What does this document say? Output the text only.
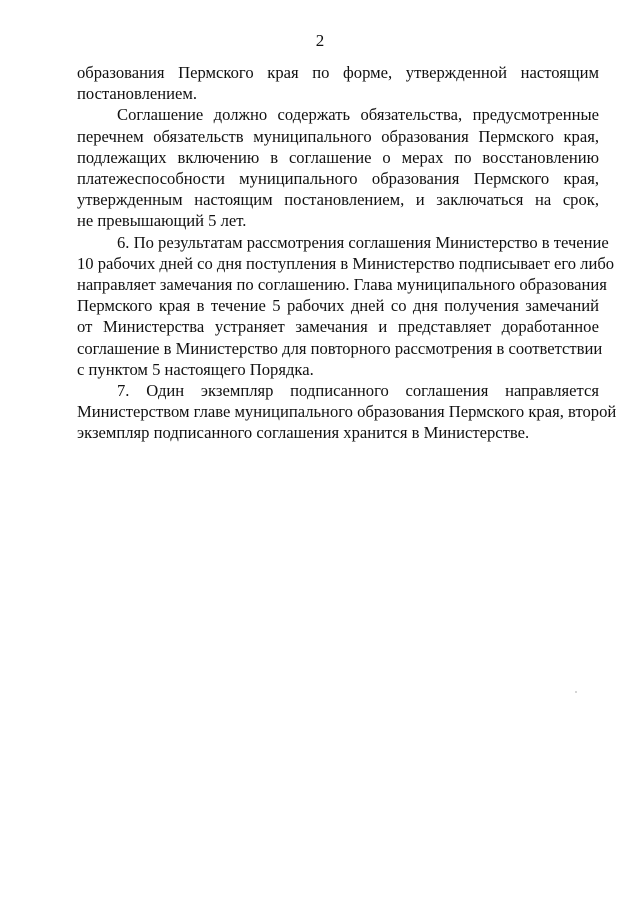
2

образования Пермского края по форме, утвержденной настоящим
постановлением.

Соглашение должно содержать обязательства, предусмотренные
перечнем обязательств муниципального образования Пермского края,
подлежащих включению в соглашение о мерах по восстановлению
платежеспособности муниципального образования Пермского края,
утвержденным настоящим постановлением, и заключаться на срок,
не превышающий 5 лет.

6. По результатам рассмотрения соглашения Министерство в течение
10 рабочих дней со дня поступления в Министерство подписывает его либо
направляет замечания по соглашению. Глава муниципального образования
Пермского края в течение 5 рабочих дней со дня получения замечаний
от Министерства устраняет замечания и представляет доработанное
соглашение в Министерство для повторного рассмотрения в соответствии
с пунктом 5 настоящего Порядка.

7. Один экземпляр подписанного соглашения направляется
Министерством главе муниципального образования Пермского края, второй
экземпляр подписанного соглашения хранится в Министерстве.
